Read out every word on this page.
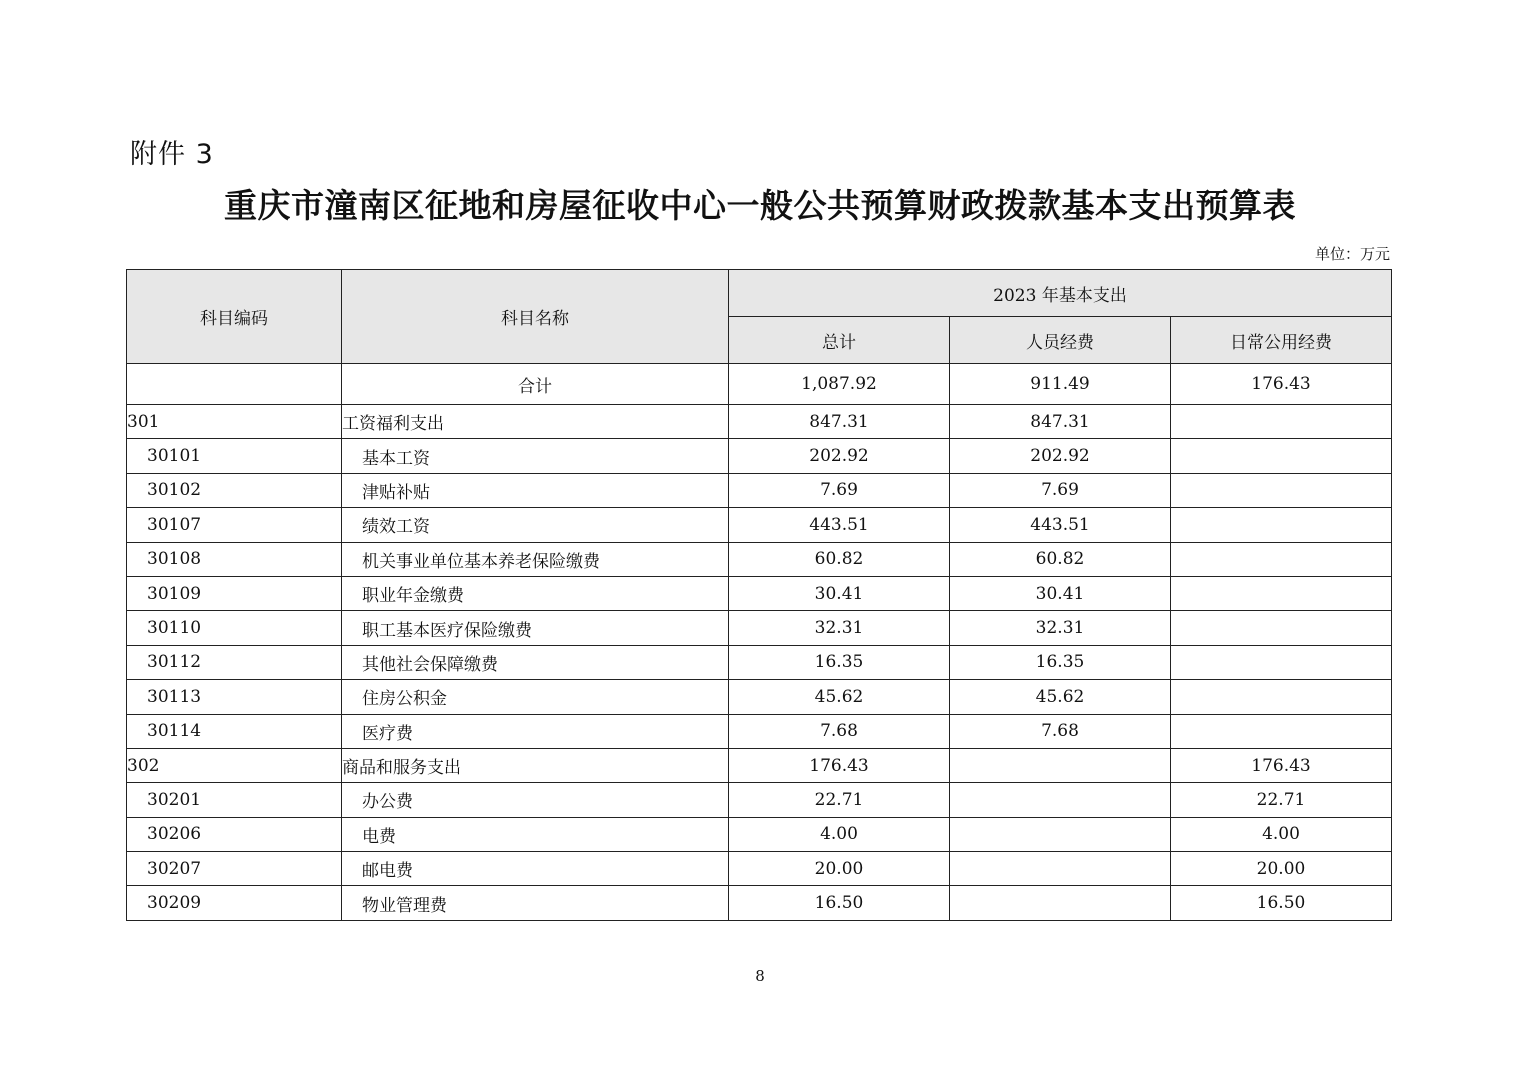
附件 3
重庆市潼南区征地和房屋征收中心一般公共预算财政拨款基本支出预算表
单位：万元
科目编码	科目名称	2023 年基本支出		
		总计	人员经费	日常公用经费
	合计	1,087.92	911.49	176.43
301	工资福利支出	847.31	847.31	
30101	基本工资	202.92	202.92	
30102	津贴补贴	7.69	7.69	
30107	绩效工资	443.51	443.51	
30108	机关事业单位基本养老保险缴费	60.82	60.82	
30109	职业年金缴费	30.41	30.41	
30110	职工基本医疗保险缴费	32.31	32.31	
30112	其他社会保障缴费	16.35	16.35	
30113	住房公积金	45.62	45.62	
30114	医疗费	7.68	7.68	
302	商品和服务支出	176.43		176.43
30201	办公费	22.71		22.71
30206	电费	4.00		4.00
30207	邮电费	20.00		20.00
30209	物业管理费	16.50		16.50
8
